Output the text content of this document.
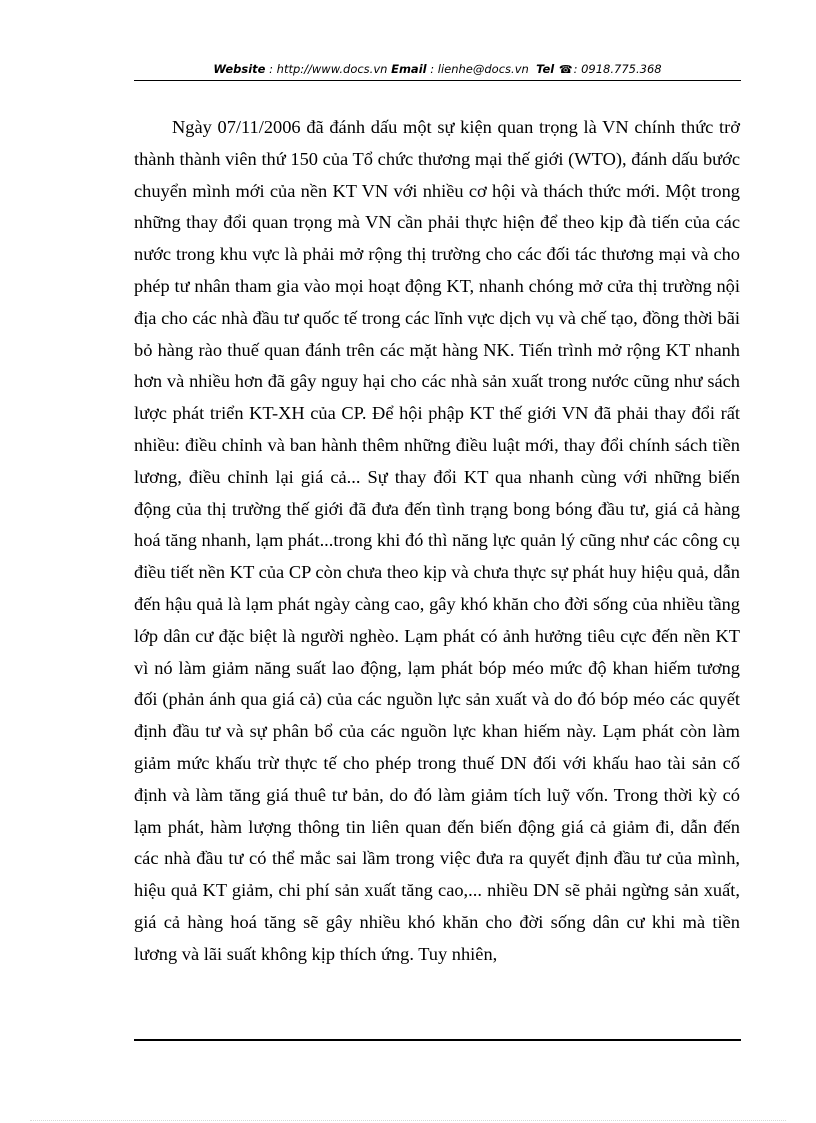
Website : http://www.docs.vn Email : lienhe@docs.vn Tel ☎: 0918.775.368

Ngày 07/11/2006 đã đánh dấu một sự kiện quan trọng là VN chính thức trở thành thành viên thứ 150 của Tổ chức thương mại thế giới (WTO), đánh dấu bước chuyển mình mới của nền KT VN với nhiều cơ hội và thách thức mới. Một trong những thay đổi quan trọng mà VN cần phải thực hiện để theo kịp đà tiến của các nước trong khu vực là phải mở rộng thị trường cho các đối tác thương mại và cho phép tư nhân tham gia vào mọi hoạt động KT, nhanh chóng mở cửa thị trường nội địa cho các nhà đầu tư quốc tế trong các lĩnh vực dịch vụ và chế tạo, đồng thời bãi bỏ hàng rào thuế quan đánh trên các mặt hàng NK. Tiến trình mở rộng KT nhanh hơn và nhiều hơn đã gây nguy hại cho các nhà sản xuất trong nước cũng như sách lược phát triển KT-XH của CP. Để hội phập KT thế giới VN đã phải thay đổi rất nhiều: điều chỉnh và ban hành thêm những điều luật mới, thay đổi chính sách tiền lương, điều chỉnh lại giá cả... Sự thay đổi KT qua nhanh cùng với những biến động của thị trường thế giới đã đưa đến tình trạng bong bóng đầu tư, giá cả hàng hoá tăng nhanh, lạm phát...trong khi đó thì năng lực quản lý cũng như các công cụ điều tiết nền KT của CP còn chưa theo kịp và chưa thực sự phát huy hiệu quả, dẫn đến hậu quả là lạm phát ngày càng cao, gây khó khăn cho đời sống của nhiều tầng lớp dân cư đặc biệt là người nghèo. Lạm phát có ảnh hưởng tiêu cực đến nền KT vì nó làm giảm năng suất lao động, lạm phát bóp méo mức độ khan hiếm tương đối (phản ánh qua giá cả) của các nguồn lực sản xuất và do đó bóp méo các quyết định đầu tư và sự phân bổ của các nguồn lực khan hiếm này. Lạm phát còn làm giảm mức khấu trừ thực tế cho phép trong thuế DN đối với khấu hao tài sản cố định và làm tăng giá thuê tư bản, do đó làm giảm tích luỹ vốn. Trong thời kỳ có lạm phát, hàm lượng thông tin liên quan đến biến động giá cả giảm đi, dẫn đến các nhà đầu tư có thể mắc sai lầm trong việc đưa ra quyết định đầu tư của mình, hiệu quả KT giảm, chi phí sản xuất tăng cao,... nhiều DN sẽ phải ngừng sản xuất, giá cả hàng hoá tăng sẽ gây nhiều khó khăn cho đời sống dân cư khi mà tiền lương và lãi suất không kịp thích ứng. Tuy nhiên,
